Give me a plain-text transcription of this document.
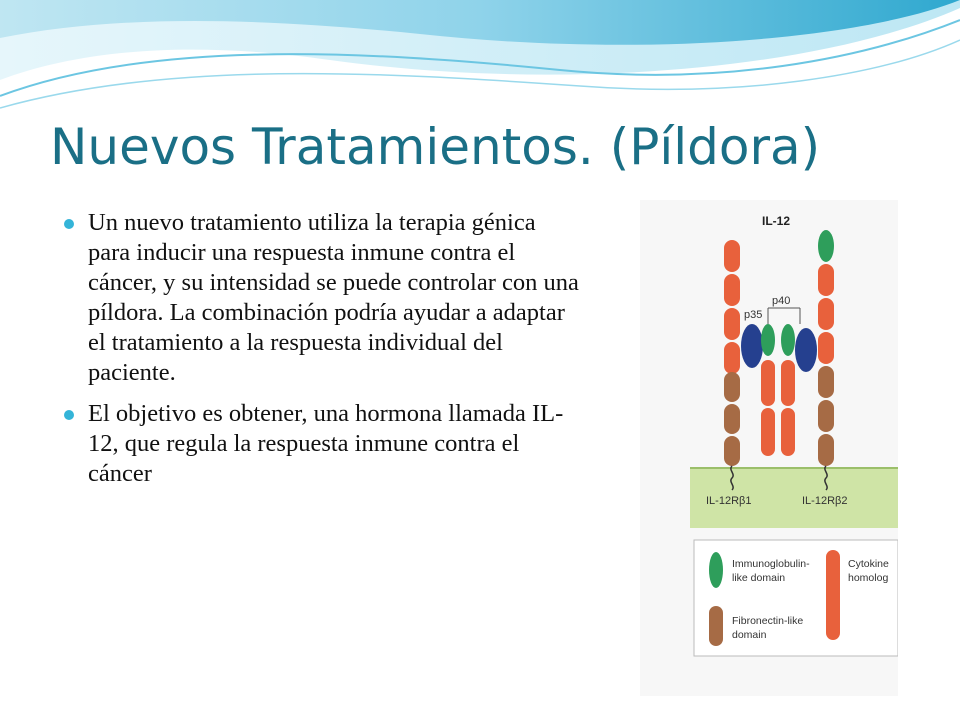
Nuevos Tratamientos. (Píldora)
Un nuevo tratamiento utiliza la terapia génica para inducir una respuesta inmune contra el cáncer, y su intensidad se puede controlar con una píldora. La combinación podría ayudar a adaptar el tratamiento a la respuesta individual del paciente.
El objetivo es obtener, una hormona llamada IL-12, que regula la respuesta inmune contra el cáncer
IL-12
p40
p35
IL-12Rβ1	IL-12Rβ2
Immunoglobulin-
like domain
Fibronectin-like
domain
Cytokine
homolog
